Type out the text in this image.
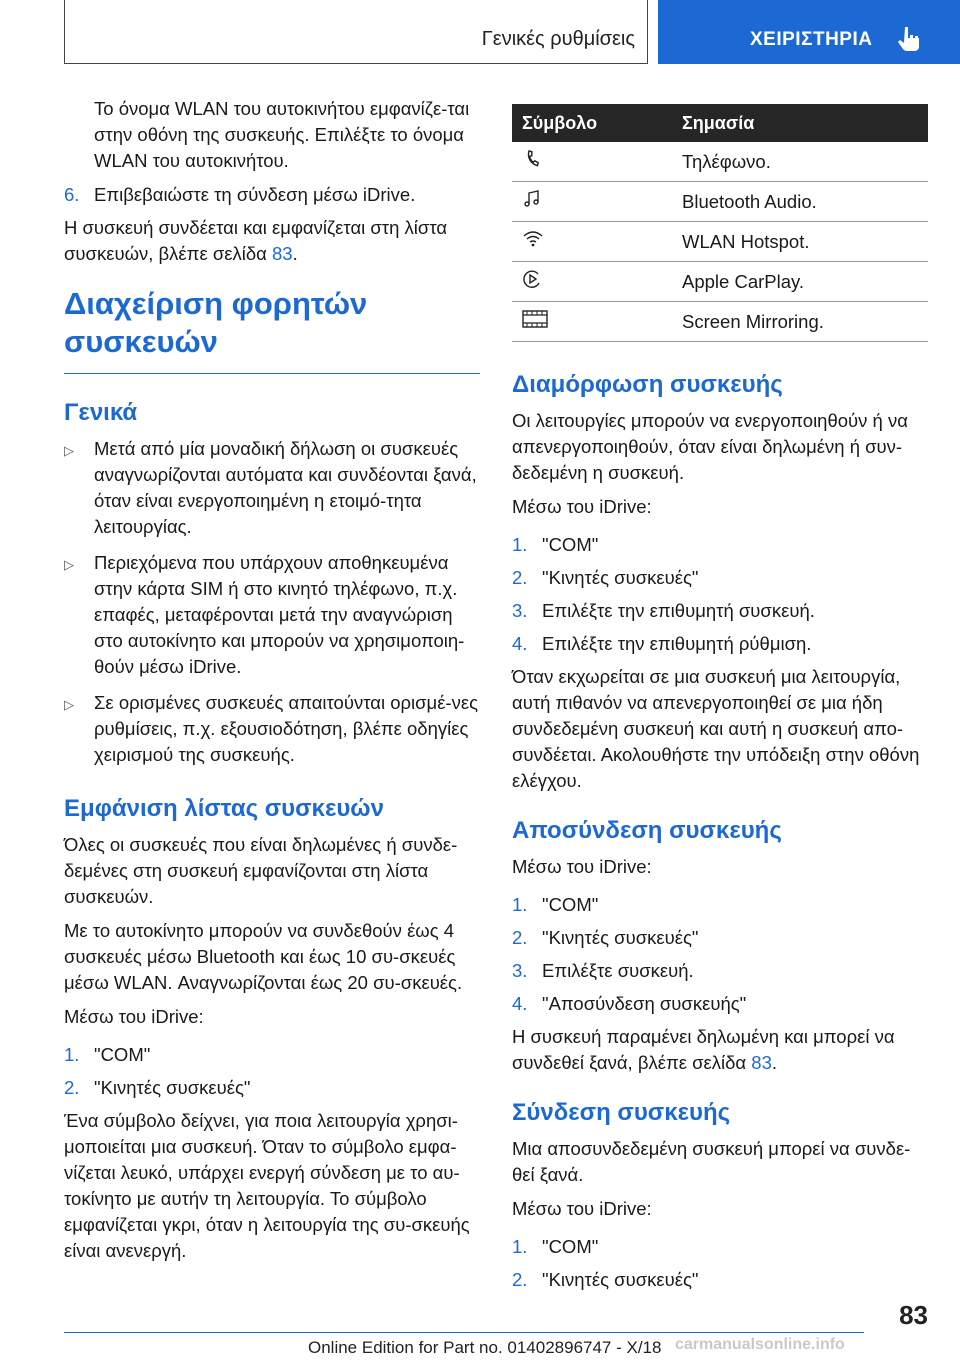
Γενικές ρυθμίσεις	ΧΕΙΡΙΣΤΗΡΙΑ

Το όνομα WLAN του αυτοκινήτου εμφανίζε-ται στην οθόνη της συσκευής. Επιλέξτε το όνομα WLAN του αυτοκινήτου.

6. Επιβεβαιώστε τη σύνδεση μέσω iDrive.

Η συσκευή συνδέεται και εμφανίζεται στη λίστα συσκευών, βλέπε σελίδα 83.

Διαχείριση φορητών συσκευών
Γενικά
▷	Μετά από μία μοναδική δήλωση οι συσκευές αναγνωρίζονται αυτόματα και συνδέονται ξανά, όταν είναι ενεργοποιημένη η ετοιμό-τητα λειτουργίας.
▷	Περιεχόμενα που υπάρχουν αποθηκευμένα στην κάρτα SIM ή στο κινητό τηλέφωνο, π.χ. επαφές, μεταφέρονται μετά την αναγνώριση στο αυτοκίνητο και μπορούν να χρησιμοποιη-θούν μέσω iDrive.
▷	Σε ορισμένες συσκευές απαιτούνται ορισμέ-νες ρυθμίσεις, π.χ. εξουσιοδότηση, βλέπε οδηγίες χειρισμού της συσκευής.
Εμφάνιση λίστας συσκευών

Όλες οι συσκευές που είναι δηλωμένες ή συνδε-δεμένες στη συσκευή εμφανίζονται στη λίστα συσκευών.

Με το αυτοκίνητο μπορούν να συνδεθούν έως 4 συσκευές μέσω Bluetooth και έως 10 συ-σκευές μέσω WLAN. Αναγνωρίζονται έως 20 συ-σκευές.

Μέσω του iDrive:

1. "COM"
2. "Κινητές συσκευές"

Ένα σύμβολο δείχνει, για ποια λειτουργία χρησι-μοποιείται μια συσκευή. Όταν το σύμβολο εμφα-νίζεται λευκό, υπάρχει ενεργή σύνδεση με το αυ-τοκίνητο με αυτήν τη λειτουργία. Το σύμβολο εμφανίζεται γκρι, όταν η λειτουργία της συ-σκευής είναι ανενεργή.

Σύμβολο	Σημασία
	Τηλέφωνο.
	Bluetooth Audio.
	WLAN Hotspot.
	Apple CarPlay.
	Screen Mirroring.
Διαμόρφωση συσκευής

Οι λειτουργίες μπορούν να ενεργοποιηθούν ή να απενεργοποιηθούν, όταν είναι δηλωμένη ή συν-δεδεμένη η συσκευή.

Μέσω του iDrive:

1. "COM"
2. "Κινητές συσκευές"
3. Επιλέξτε την επιθυμητή συσκευή.
4. Επιλέξτε την επιθυμητή ρύθμιση.

Όταν εκχωρείται σε μια συσκευή μια λειτουργία, αυτή πιθανόν να απενεργοποιηθεί σε μια ήδη συνδεδεμένη συσκευή και αυτή η συσκευή απο-συνδέεται. Ακολουθήστε την υπόδειξη στην οθόνη ελέγχου.

Αποσύνδεση συσκευής

Μέσω του iDrive:

1. "COM"
2. "Κινητές συσκευές"
3. Επιλέξτε συσκευή.
4. "Αποσύνδεση συσκευής"

Η συσκευή παραμένει δηλωμένη και μπορεί να συνδεθεί ξανά, βλέπε σελίδα 83.

Σύνδεση συσκευής

Μια αποσυνδεδεμένη συσκευή μπορεί να συνδε-θεί ξανά.

Μέσω του iDrive:

1. "COM"
2. "Κινητές συσκευές"
83
Online Edition for Part no. 01402896747 - X/18 carmanualsonline.info
